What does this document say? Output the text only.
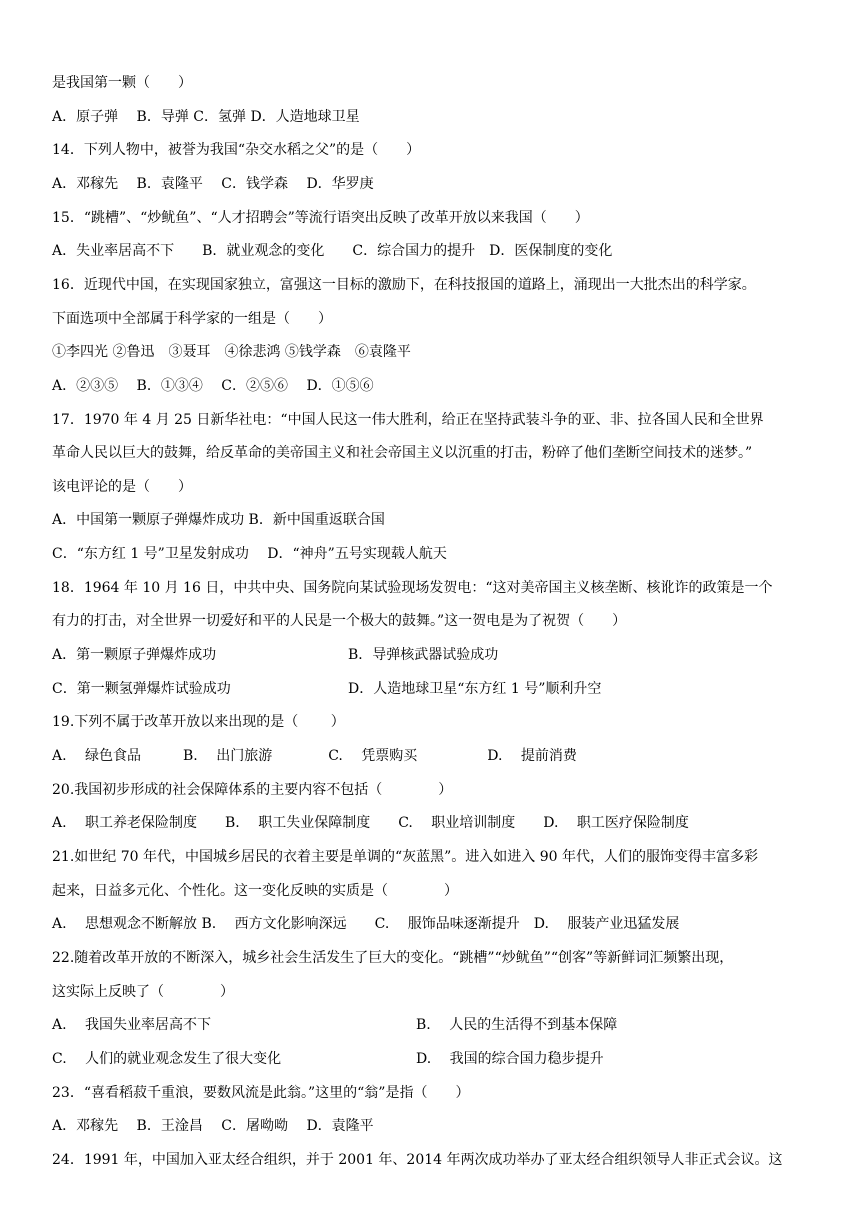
是我国第一颗（　　）
A．原子弹　 B．导弹 C．氢弹 D．人造地球卫星
14．下列人物中，被誉为我国“杂交水稻之父”的是（　　）
A．邓稼先　 B．袁隆平　 C．钱学森　 D．华罗庚
15．“跳槽”、“炒鱿鱼”、“人才招聘会”等流行语突出反映了改革开放以来我国（　　）
A．失业率居高不下　　B．就业观念的变化　　C．综合国力的提升　D．医保制度的变化
16．近现代中国，在实现国家独立，富强这一目标的激励下，在科技报国的道路上，涌现出一大批杰出的科学家。
下面选项中全部属于科学家的一组是（　　）
①李四光 ②鲁迅　③聂耳　④徐悲鸿 ⑤钱学森　⑥袁隆平
A．②③⑤　 B．①③④　 C．②⑤⑥　 D．①⑤⑥
17．1970 年 4 月 25 日新华社电：“中国人民这一伟大胜利，给正在坚持武装斗争的亚、非、拉各国人民和全世界
革命人民以巨大的鼓舞，给反革命的美帝国主义和社会帝国主义以沉重的打击，粉碎了他们垄断空间技术的迷梦。”
该电评论的是（　　）
A．中国第一颗原子弹爆炸成功 B．新中国重返联合国
C．“东方红 1 号”卫星发射成功　 D．“神舟”五号实现载人航天
18．1964 年 10 月 16 日，中共中央、国务院向某试验现场发贺电：“这对美帝国主义核垄断、核讹诈的政策是一个
有力的打击，对全世界一切爱好和平的人民是一个极大的鼓舞。”这一贺电是为了祝贺（　　）
A．第一颗原子弹爆炸成功	B．导弹核武器试验成功
C．第一颗氢弹爆炸试验成功	D．人造地球卫星“东方红 1 号”顺利升空
19.下列不属于改革开放以来出现的是（　　 ）
A.　 绿色食品　　　B.　 出门旅游　　　　C.　 凭票购买　　　　　D.　 提前消费
20.我国初步形成的社会保障体系的主要内容不包括（　　　　）
A.　 职工养老保险制度　　B.　 职工失业保障制度　　C.　 职业培训制度　　D.　 职工医疗保险制度
21.如世纪 70 年代，中国城乡居民的衣着主要是单调的“灰蓝黑”。进入如进入 90 年代，人们的服饰变得丰富多彩
起来，日益多元化、个性化。这一变化反映的实质是（　　　　）
A.　 思想观念不断解放 B.　 西方文化影响深远　　C.　 服饰品味逐渐提升　D.　 服装产业迅猛发展
22.随着改革开放的不断深入，城乡社会生活发生了巨大的变化。“跳槽”“炒鱿鱼”“创客”等新鲜词汇频繁出现，
这实际上反映了（　　　　）
A.　 我国失业率居高不下	B.　 人民的生活得不到基本保障
C.　 人们的就业观念发生了很大变化	D.　 我国的综合国力稳步提升
23．“喜看稻菽千重浪，要数风流是此翁。”这里的“翁”是指（　　）
A．邓稼先　 B．王淦昌　 C．屠呦呦　 D．袁隆平
24．1991 年，中国加入亚太经合组织，并于 2001 年、2014 年两次成功举办了亚太经合组织领导人非正式会议。这
